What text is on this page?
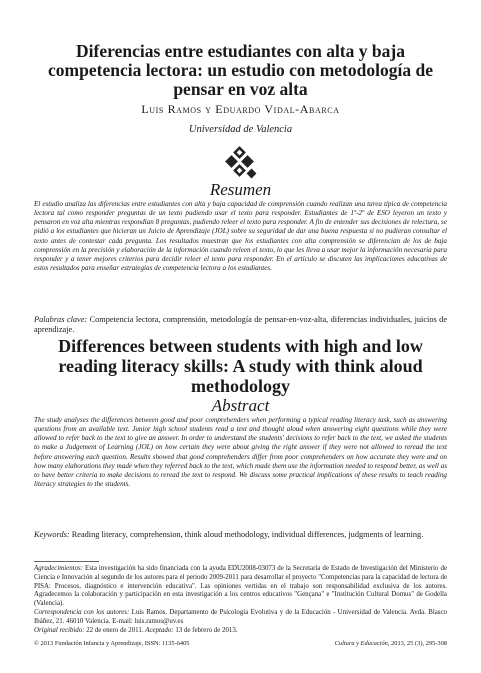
Diferencias entre estudiantes con alta y baja competencia lectora: un estudio con metodología de pensar en voz alta
Luis Ramos y Eduardo Vidal-Abarca
Universidad de Valencia
Resumen

El estudio analiza las diferencias entre estudiantes con alta y baja capacidad de comprensión cuando realizan una tarea típica de competencia lectora tal como responder preguntas de un texto pudiendo usar el texto para responder. Estudiantes de 1º-2º de ESO leyeron un texto y pensaron en voz alta mientras respondían 8 preguntas, pudiendo releer el texto para responder. A fin de entender sus decisiones de relectura, se pidió a los estudiantes que hicieran un Juicio de Aprendizaje (JOL) sobre su seguridad de dar una buena respuesta si no pudieran consultar el texto antes de contestar cada pregunta. Los resultados muestran que los estudiantes con alta comprensión se diferencian de los de baja comprensión en la precisión y elaboración de la información cuando releen el texto, lo que les lleva a usar mejor la información necesaria para responder y a tener mejores criterios para decidir releer el texto para responder. En el artículo se discuten las implicaciones educativas de estos resultados para enseñar estrategias de competencia lectora a los estudiantes.

Palabras clave: Competencia lectora, comprensión, metodología de pensar-en-voz-alta, diferencias individuales, juicios de aprendizaje.

Differences between students with high and low reading literacy skills: A study with think aloud methodology
Abstract

The study analyses the differences between good and poor comprehenders when performing a typical reading literacy task, such as answering questions from an available text. Junior high school students read a text and thought aloud when answering eight questions while they were allowed to refer back to the text to give an answer. In order to understand the students' decisions to refer back to the text, we asked the students to make a Judgement of Learning (JOL) on how certain they were about giving the right answer if they were not allowed to reread the text before answering each question. Results showed that good comprehenders differ from poor comprehenders on how accurate they were and on how many elaborations they made when they referred back to the text, which made them use the information needed to respond better, as well as to have better criteria to make decisions to reread the text to respond. We discuss some practical implications of these results to teach reading literacy strategies to the students.

Keywords: Reading literacy, comprehension, think aloud methodology, individual differences, judgments of learning.

Agradecimientos: Esta investigación ha sido financiada con la ayuda EDU2008-03073 de la Secretaría de Estado de Investigación del Ministerio de Ciencia e Innovación al segundo de los autores para el periodo 2009-2011 para desarrollar el proyecto "Competencias para la capacidad de lectura de PISA: Procesos, diagnóstico e intervención educativa". Las opiniones vertidas en el trabajo son responsabilidad exclusiva de los autores. Agradecemos la colaboración y participación en esta investigación a los centros educativos "Gençana" e "Institución Cultural Domus" de Godella (Valencia).

Correspondencia con los autores: Luis Ramos. Departamento de Psicología Evolutiva y de la Educación - Universidad de Valencia. Avda. Blasco Ibáñez, 21. 46010 Valencia. E-mail: luis.ramos@uv.es

Original recibido: 22 de enero de 2011. Aceptado: 13 de febrero de 2013.

© 2013 Fundación Infancia y Aprendizaje, ISSN: 1135-6405	Cultura y Educación, 2013, 25 (3), 295-308
